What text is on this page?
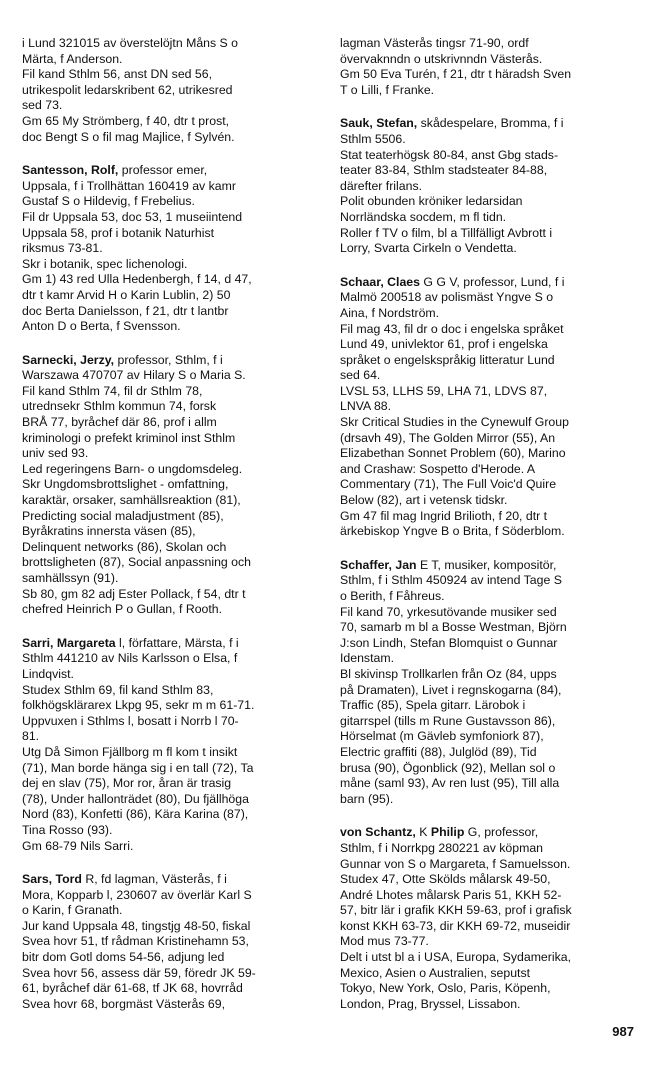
i Lund 321015 av överstelöjtn Måns S o
Märta, f Anderson.
Fil kand Sthlm 56, anst DN sed 56,
utrikespolit ledarskribent 62, utrikesred
sed 73.
Gm 65 My Strömberg, f 40, dtr t prost,
doc Bengt S o fil mag Majlice, f Sylvén.
Santesson, Rolf, professor emer,
Uppsala, f i Trollhättan 160419 av kamr
Gustaf S o Hildevig, f Frebelius.
Fil dr Uppsala 53, doc 53, 1 museiintend
Uppsala 58, prof i botanik Naturhist
riksmus 73-81.
Skr i botanik, spec lichenologi.
Gm 1) 43 red Ulla Hedenbergh, f 14, d 47,
dtr t kamr Arvid H o Karin Lublin, 2) 50
doc Berta Danielsson, f 21, dtr t lantbr
Anton D o Berta, f Svensson.
Sarnecki, Jerzy, professor, Sthlm, f i
Warszawa 470707 av Hilary S o Maria S.
Fil kand Sthlm 74, fil dr Sthlm 78,
utrednsekr Sthlm kommun 74, forsk
BRÅ 77, byråchef där 86, prof i allm
kriminologi o prefekt kriminol inst Sthlm
univ sed 93.
Led regeringens Barn- o ungdomsdeleg.
Skr Ungdomsbrottslighet - omfattning,
karaktär, orsaker, samhällsreaktion (81),
Predicting social maladjustment (85),
Byråkratins innersta väsen (85),
Delinquent networks (86), Skolan och
brottsligheten (87), Social anpassning och
samhällssyn (91).
Sb 80, gm 82 adj Ester Pollack, f 54, dtr t
chefred Heinrich P o Gullan, f Rooth.
Sarri, Margareta l, författare, Märsta, f i
Sthlm 441210 av Nils Karlsson o Elsa, f
Lindqvist.
Studex Sthlm 69, fil kand Sthlm 83,
folkhögsklärarex Lkpg 95, sekr m m 61-71.
Uppvuxen i Sthlms l, bosatt i Norrb l 70-
81.
Utg Då Simon Fjällborg m fl kom t insikt
(71), Man borde hänga sig i en tall (72), Ta
dej en slav (75), Mor ror, åran är trasig
(78), Under hallonträdet (80), Du fjällhöga
Nord (83), Konfetti (86), Kära Karina (87),
Tina Rosso (93).
Gm 68-79 Nils Sarri.
Sars, Tord R, fd lagman, Västerås, f i
Mora, Kopparb l, 230607 av överlär Karl S
o Karin, f Granath.
Jur kand Uppsala 48, tingstjg 48-50, fiskal
Svea hovr 51, tf rådman Kristinehamn 53,
bitr dom Gotl doms 54-56, adjung led
Svea hovr 56, assess där 59, föredr JK 59-
61, byråchef där 61-68, tf JK 68, hovrråd
Svea hovr 68, borgmäst Västerås 69,
lagman Västerås tingsr 71-90, ordf
övervaknndn o utskrivnndn Västerås.
Gm 50 Eva Turén, f 21, dtr t häradsh Sven
T o Lilli, f Franke.
Sauk, Stefan, skådespelare, Bromma, f i
Sthlm 5506.
Stat teaterhögsk 80-84, anst Gbg stads-
teater 83-84, Sthlm stadsteater 84-88,
därefter frilans.
Polit obunden kröniker ledarsidan
Norrländska socdem, m fl tidn.
Roller f TV o film, bl a Tillfälligt Avbrott i
Lorry, Svarta Cirkeln o Vendetta.
Schaar, Claes G G V, professor, Lund, f i
Malmö 200518 av polismäst Yngve S o
Aina, f Nordström.
Fil mag 43, fil dr o doc i engelska språket
Lund 49, univlektor 61, prof i engelska
språket o engelskspråkig litteratur Lund
sed 64.
LVSL 53, LLHS 59, LHA 71, LDVS 87,
LNVA 88.
Skr Critical Studies in the Cynewulf Group
(drsavh 49), The Golden Mirror (55), An
Elizabethan Sonnet Problem (60), Marino
and Crashaw: Sospetto d'Herode. A
Commentary (71), The Full Voic'd Quire
Below (82), art i vetensk tidskr.
Gm 47 fil mag Ingrid Brilioth, f 20, dtr t
ärkebiskop Yngve B o Brita, f Söderblom.
Schaffer, Jan E T, musiker, kompositör,
Sthlm, f i Sthlm 450924 av intend Tage S
o Berith, f Fåhreus.
Fil kand 70, yrkesutövande musiker sed
70, samarb m bl a Bosse Westman, Björn
J:son Lindh, Stefan Blomquist o Gunnar
Idenstam.
Bl skivinsp Trollkarlen från Oz (84, upps
på Dramaten), Livet i regnskogarna (84),
Traffic (85), Spela gitarr. Lärobok i
gitarrspel (tills m Rune Gustavsson 86),
Hörselmat (m Gävleb symfoniork 87),
Electric graffiti (88), Julglöd (89), Tid
brusa (90), Ögonblick (92), Mellan sol o
måne (saml 93), Av ren lust (95), Till alla
barn (95).
von Schantz, K Philip G, professor,
Sthlm, f i Norrkpg 280221 av köpman
Gunnar von S o Margareta, f Samuelsson.
Studex 47, Otte Skölds målarsk 49-50,
André Lhotes målarsk Paris 51, KKH 52-
57, bitr lär i grafik KKH 59-63, prof i grafisk
konst KKH 63-73, dir KKH 69-72, museidir
Mod mus 73-77.
Delt i utst bl a i USA, Europa, Sydamerika,
Mexico, Asien o Australien, seputst
Tokyo, New York, Oslo, Paris, Köpenh,
London, Prag, Bryssel, Lissabon.
987
